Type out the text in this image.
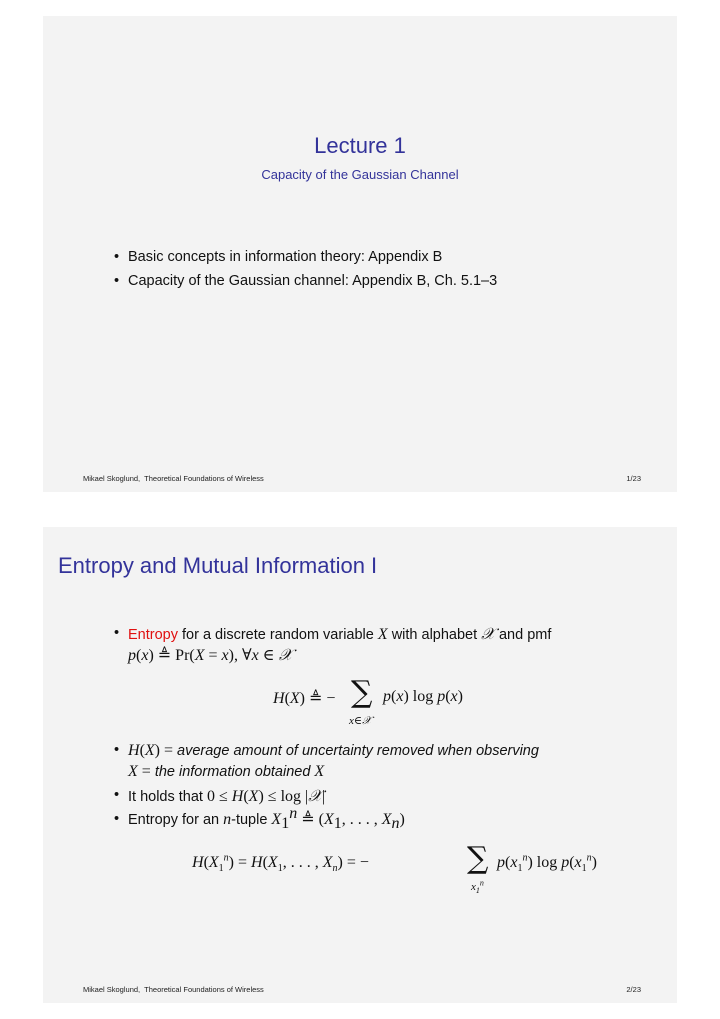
Lecture 1
Capacity of the Gaussian Channel
• Basic concepts in information theory: Appendix B
• Capacity of the Gaussian channel: Appendix B, Ch. 5.1–3
Mikael Skoglund, Theoretical Foundations of Wireless	1/23
Entropy and Mutual Information I
• Entropy for a discrete random variable X with alphabet 𝒳 and pmf
p(x) ≜ Pr(X = x), ∀x ∈ 𝒳
H(X) ≜ − ∑
x∈𝒳
p(x) log p(x)
• H(X) = average amount of uncertainty removed when observing
X = the information obtained X
• It holds that 0 ≤ H(X) ≤ log |𝒳|
• Entropy for an n-tuple $X_1^n$ ≜ ($X_1$, . . . , $X_n$)
$H(X_1^n) = H(X_1$, . . . , $X_n$) = −	∑
$x_1^n$
$p(x_1^n)$ $\log p(x_1^n)$
Mikael Skoglund, Theoretical Foundations of Wireless	2/23
